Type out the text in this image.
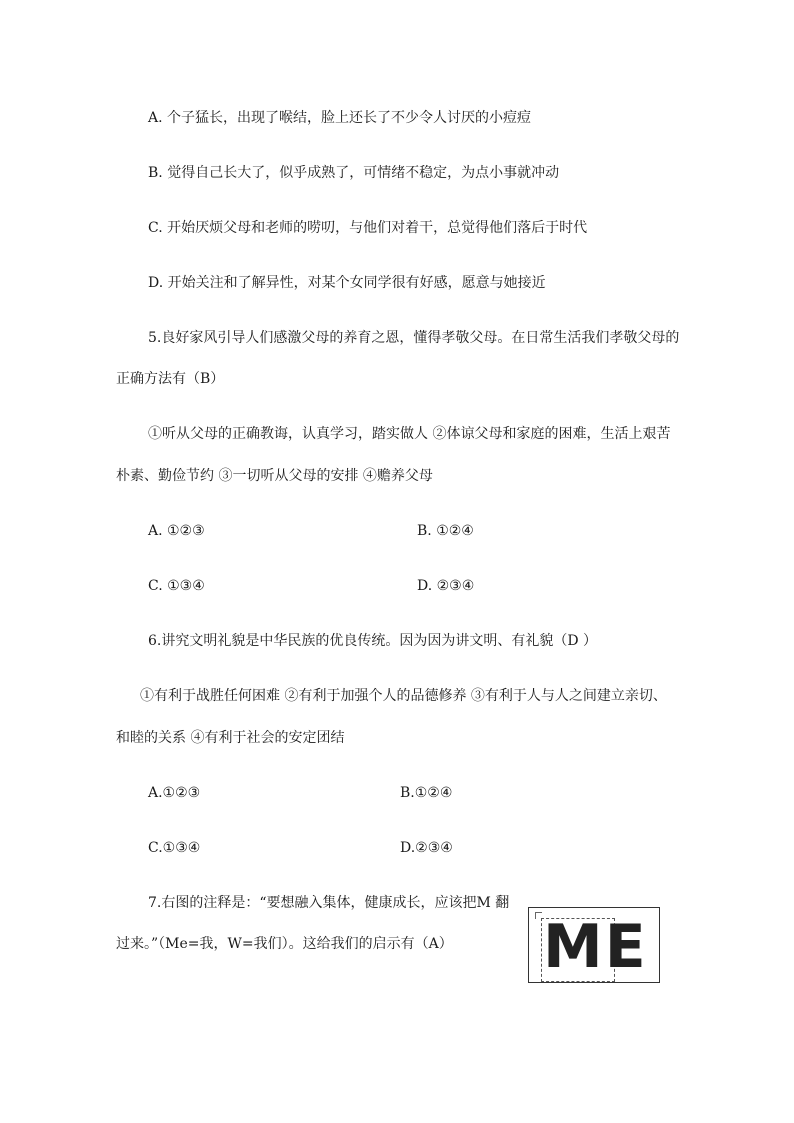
A. 个子猛长，出现了喉结，脸上还长了不少令人讨厌的小痘痘
B. 觉得自己长大了，似乎成熟了，可情绪不稳定，为点小事就冲动
C. 开始厌烦父母和老师的唠叨，与他们对着干，总觉得他们落后于时代
D. 开始关注和了解异性，对某个女同学很有好感，愿意与她接近
5.良好家风引导人们感激父母的养育之恩，懂得孝敬父母。在日常生活我们孝敬父母的
正确方法有（B）
①听从父母的正确教诲，认真学习，踏实做人 ②体谅父母和家庭的困难，生活上艰苦
朴素、勤俭节约 ③一切听从父母的安排 ④赡养父母
A. ①②③	B. ①②④
C. ①③④	D. ②③④
6.讲究文明礼貌是中华民族的优良传统。因为因为讲文明、有礼貌（D ）
①有利于战胜任何困难 ②有利于加强个人的品德修养 ③有利于人与人之间建立亲切、
和睦的关系 ④有利于社会的安定团结
A.①②③	B.①②④
C.①③④	D.②③④
7.右图的注释是：“要想融入集体，健康成长，应该把M 翻
过来。”（Me=我，W=我们）。这给我们的启示有（A） ME
